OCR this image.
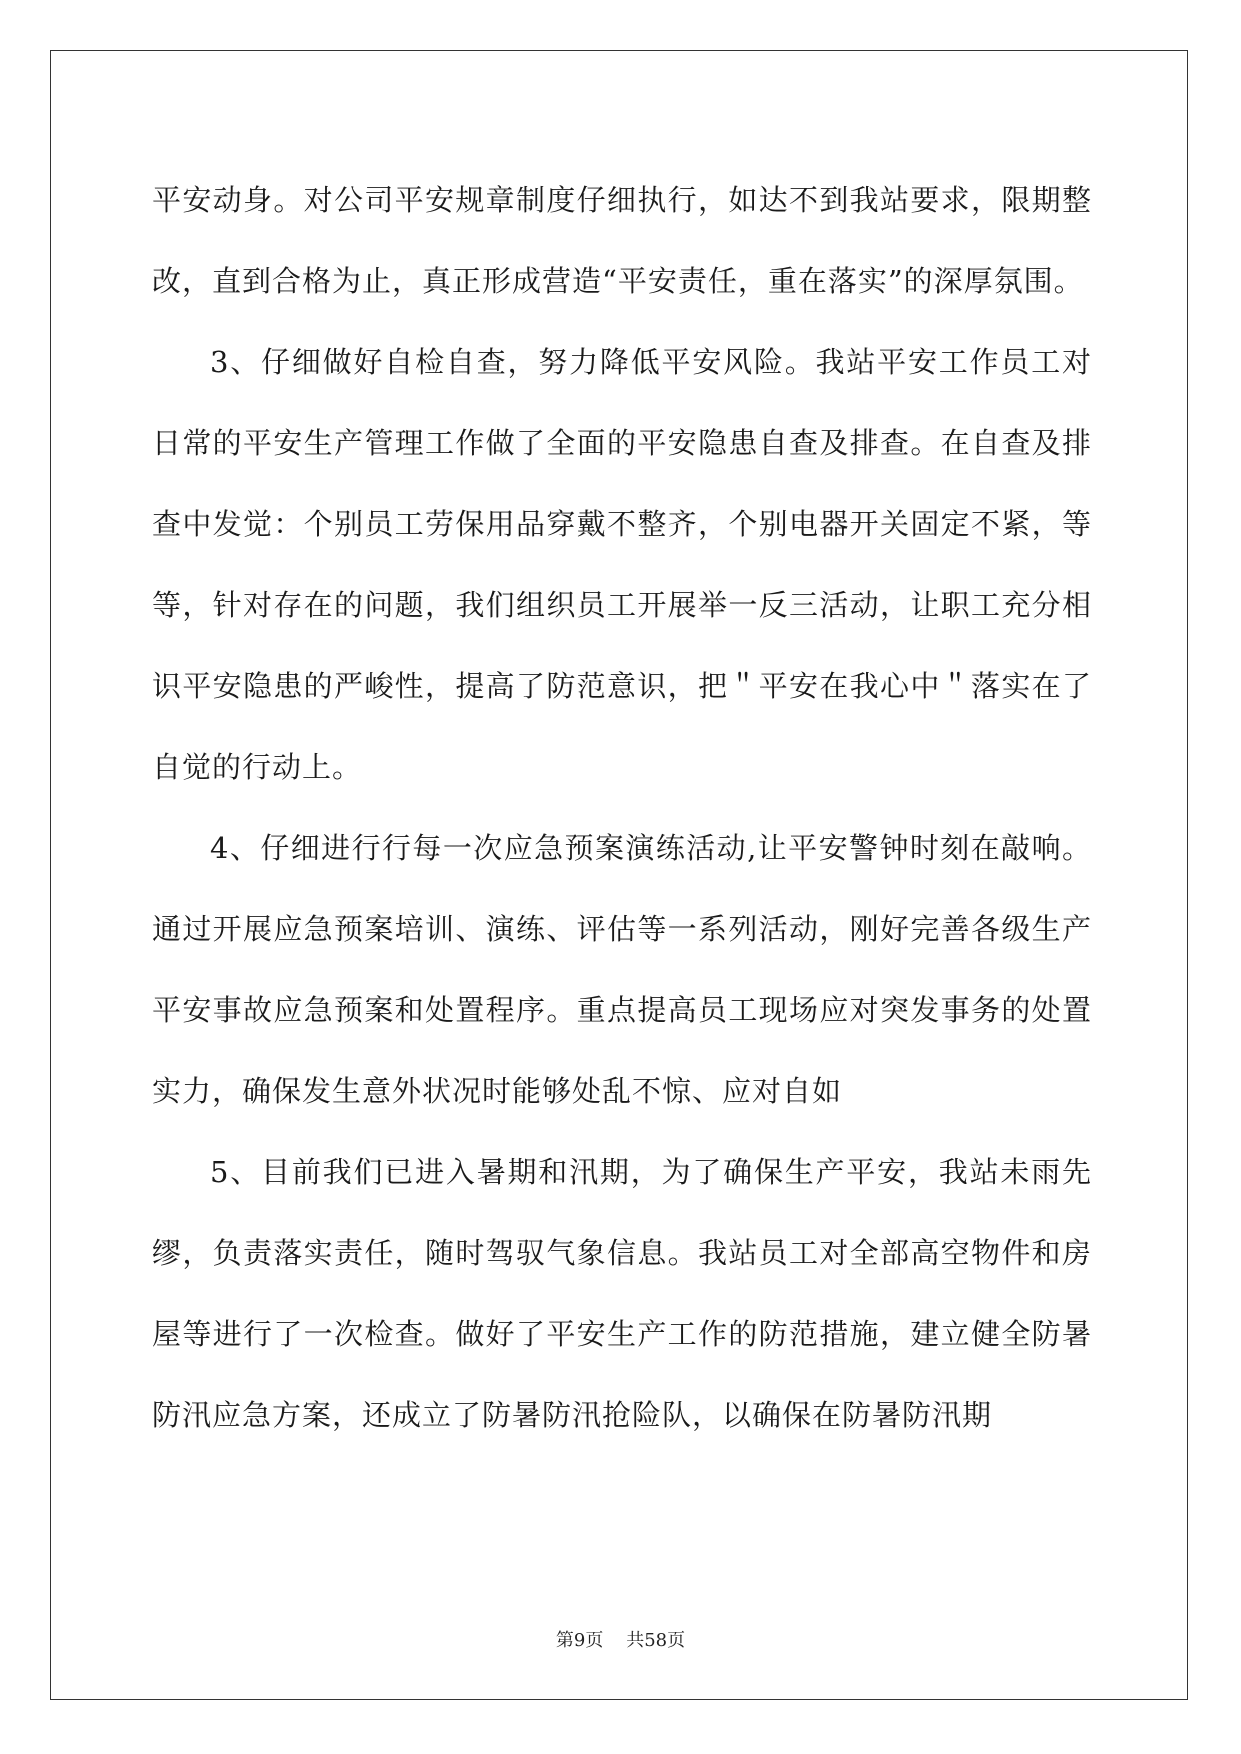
平安动身。对公司平安规章制度仔细执行，如达不到我站要求，限期整改，直到合格为止，真正形成营造“平安责任，重在落实”的深厚氛围。

3、仔细做好自检自查，努力降低平安风险。我站平安工作员工对日常的平安生产管理工作做了全面的平安隐患自查及排查。在自查及排查中发觉：个别员工劳保用品穿戴不整齐，个别电器开关固定不紧，等等，针对存在的问题，我们组织员工开展举一反三活动，让职工充分相识平安隐患的严峻性，提高了防范意识，把＂平安在我心中＂落实在了自觉的行动上。

4、仔细进行行每一次应急预案演练活动,让平安警钟时刻在敲响。通过开展应急预案培训、演练、评估等一系列活动，刚好完善各级生产平安事故应急预案和处置程序。重点提高员工现场应对突发事务的处置实力，确保发生意外状况时能够处乱不惊、应对自如

5、目前我们已进入暑期和汛期，为了确保生产平安，我站未雨先缪，负责落实责任，随时驾驭气象信息。我站员工对全部高空物件和房屋等进行了一次检查。做好了平安生产工作的防范措施，建立健全防暑防汛应急方案，还成立了防暑防汛抢险队，以确保在防暑防汛期

第9页 共58页
